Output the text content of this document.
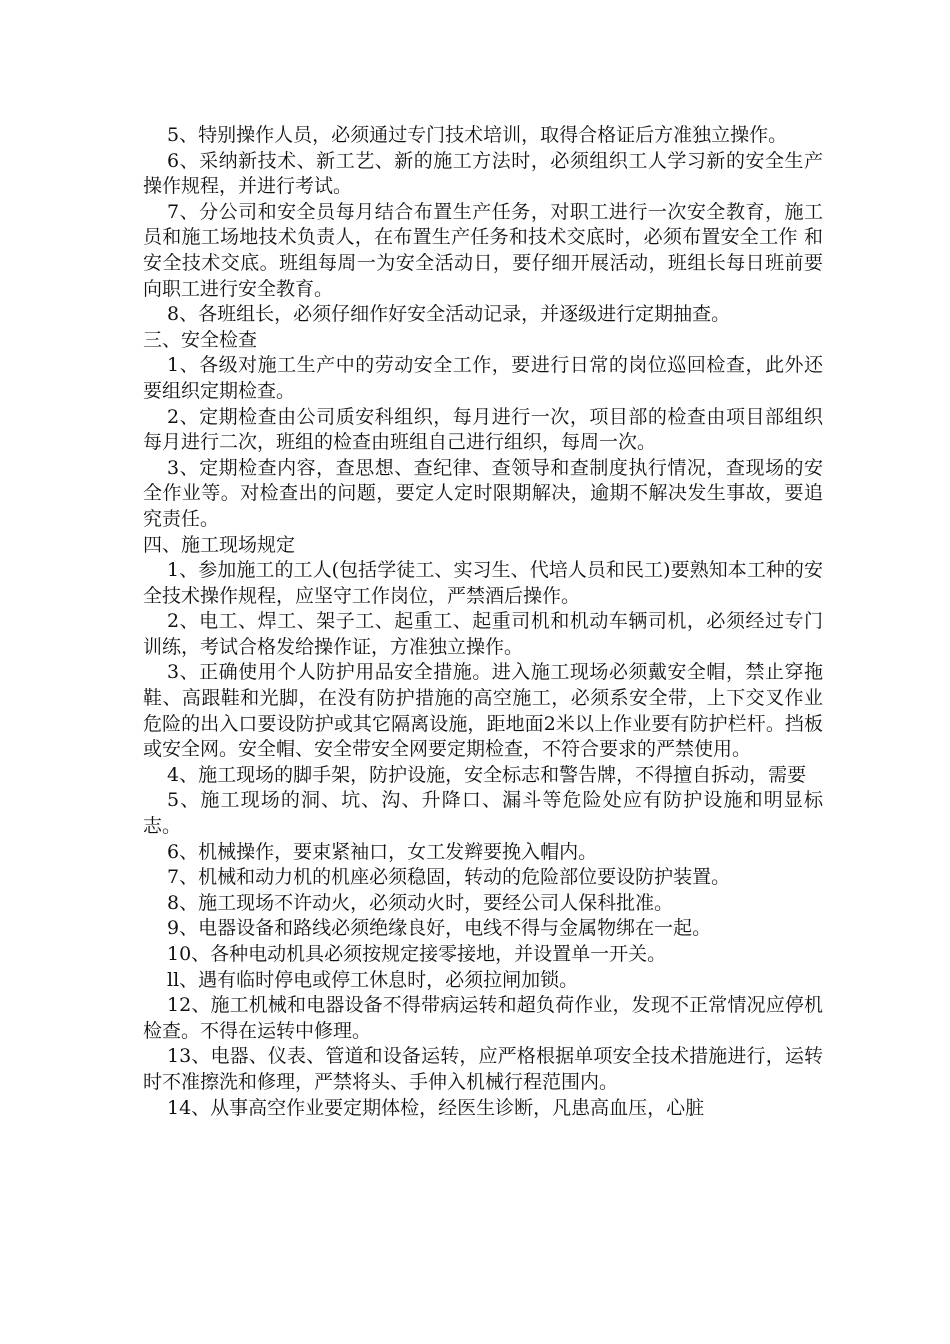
5、特别操作人员，必须通过专门技术培训，取得合格证后方准独立操作。

6、采纳新技术、新工艺、新的施工方法时，必须组织工人学习新的安全生产操作规程，并进行考试。

7、分公司和安全员每月结合布置生产任务，对职工进行一次安全教育，施工员和施工场地技术负责人，在布置生产任务和技术交底时，必须布置安全工作 和安全技术交底。班组每周一为安全活动日，要仔细开展活动，班组长每日班前要向职工进行安全教育。

8、各班组长，必须仔细作好安全活动记录，并逐级进行定期抽查。

三、安全检查

1、各级对施工生产中的劳动安全工作，要进行日常的岗位巡回检查，此外还要组织定期检查。

2、定期检查由公司质安科组织，每月进行一次，项目部的检查由项目部组织每月进行二次，班组的检查由班组自己进行组织，每周一次。

3、定期检查内容，查思想、查纪律、查领导和查制度执行情况，查现场的安全作业等。对检查出的问题，要定人定时限期解决，逾期不解决发生事故，要追究责任。

四、施工现场规定

1、参加施工的工人(包括学徒工、实习生、代培人员和民工)要熟知本工种的安全技术操作规程，应坚守工作岗位，严禁酒后操作。

2、电工、焊工、架子工、起重工、起重司机和机动车辆司机，必须经过专门训练，考试合格发给操作证，方准独立操作。

3、正确使用个人防护用品安全措施。进入施工现场必须戴安全帽，禁止穿拖鞋、高跟鞋和光脚，在没有防护措施的高空施工，必须系安全带，上下交叉作业危险的出入口要设防护或其它隔离设施，距地面2米以上作业要有防护栏杆。挡板或安全网。安全帽、安全带安全网要定期检查，不符合要求的严禁使用。

4、施工现场的脚手架，防护设施，安全标志和警告牌，不得擅自拆动，需要

5、施工现场的洞、坑、沟、升降口、漏斗等危险处应有防护设施和明显标志。

6、机械操作，要束紧袖口，女工发辫要挽入帽内。

7、机械和动力机的机座必须稳固，转动的危险部位要设防护装置。

8、施工现场不许动火，必须动火时，要经公司人保科批准。

9、电器设备和路线必须绝缘良好，电线不得与金属物绑在一起。

10、各种电动机具必须按规定接零接地，并设置单一开关。

ll、遇有临时停电或停工休息时，必须拉闸加锁。

12、施工机械和电器设备不得带病运转和超负荷作业，发现不正常情况应停机检查。不得在运转中修理。

13、电器、仪表、管道和设备运转，应严格根据单项安全技术措施进行，运转时不准擦洗和修理，严禁将头、手伸入机械行程范围内。

14、从事高空作业要定期体检，经医生诊断，凡患高血压，心脏
